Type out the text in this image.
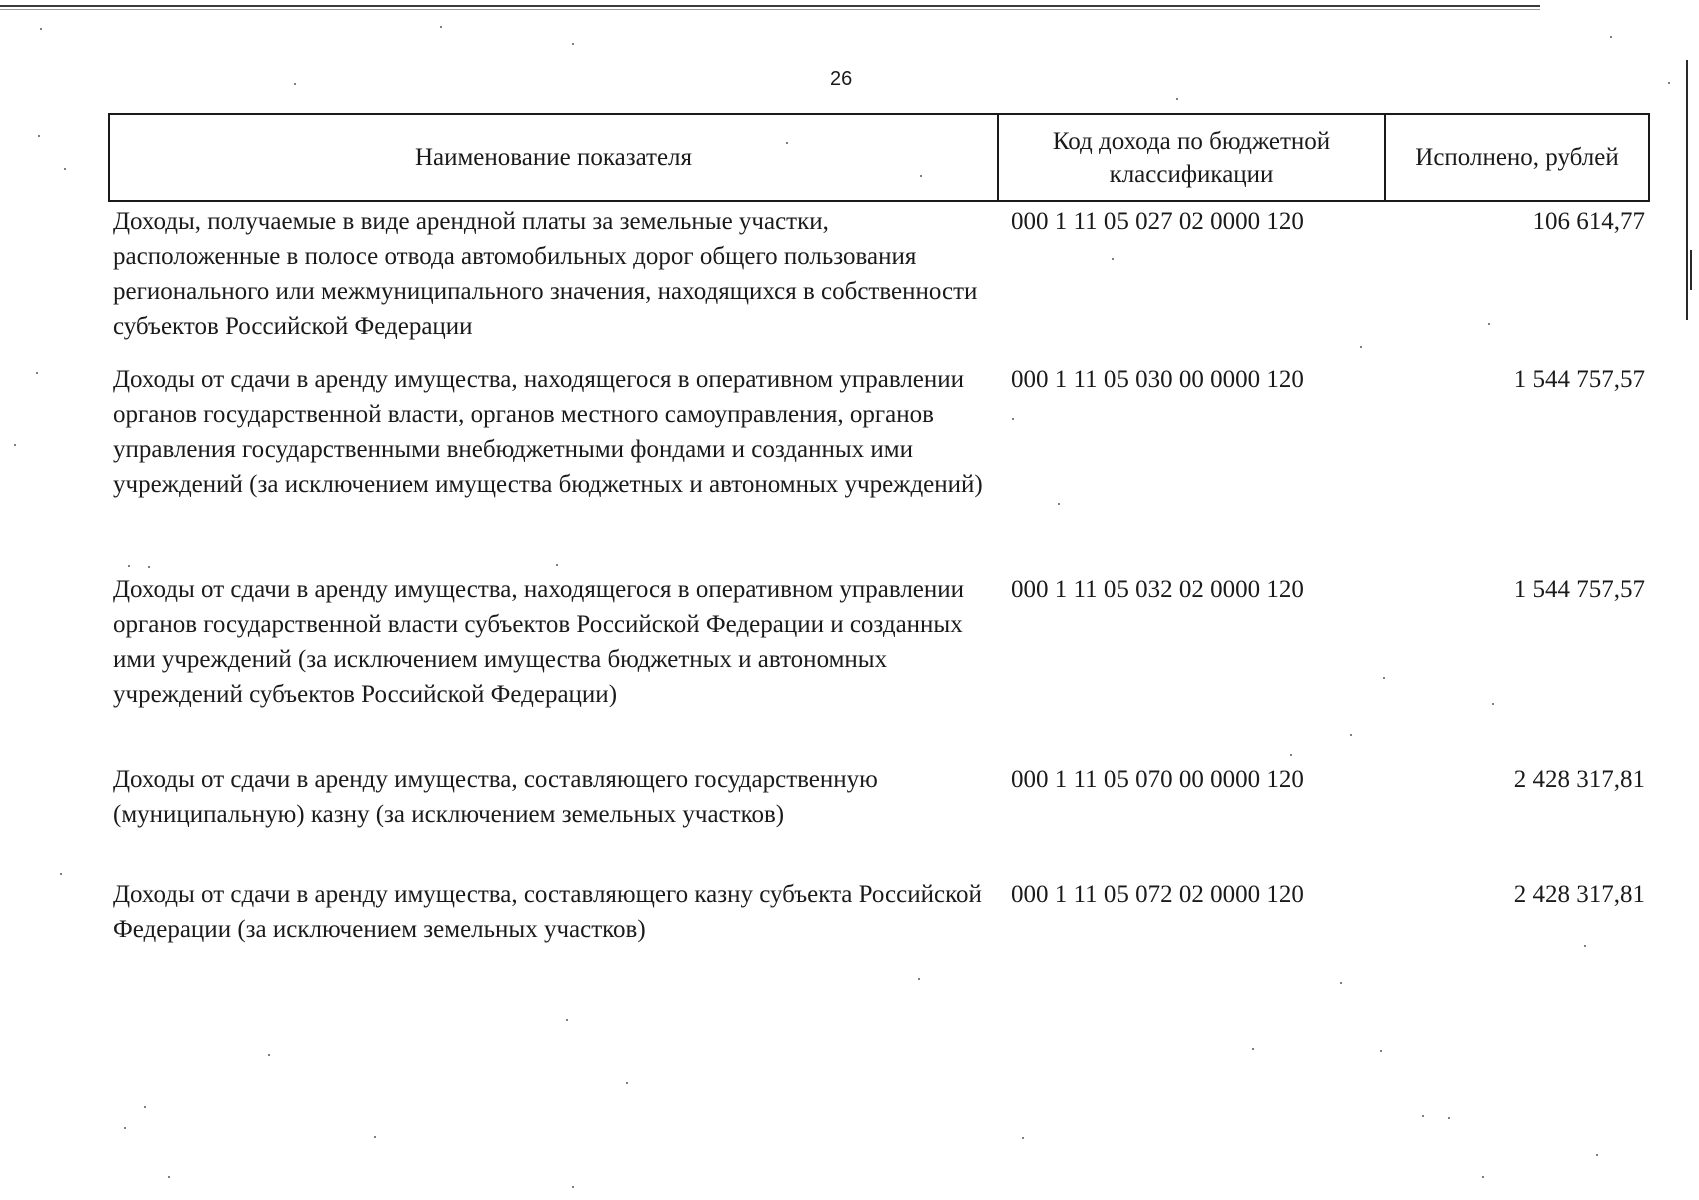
26
Наименование показателя	Код дохода по бюджетной классификации	Исполнено, рублей
Доходы, получаемые в виде арендной платы за земельные участки, расположенные в полосе отвода автомобильных дорог общего пользования регионального или межмуниципального значения, находящихся в собственности субъектов Российской Федерации	000 1 11 05 027 02 0000 120	106 614,77
Доходы от сдачи в аренду имущества, находящегося в оперативном управлении органов государственной власти, органов местного самоуправления, органов управления государственными внебюджетными фондами и созданных ими учреждений (за исключением имущества бюджетных и автономных учреждений)	000 1 11 05 030 00 0000 120	1 544 757,57
Доходы от сдачи в аренду имущества, находящегося в оперативном управлении органов государственной власти субъектов Российской Федерации и созданных ими учреждений (за исключением имущества бюджетных и автономных учреждений субъектов Российской Федерации)	000 1 11 05 032 02 0000 120	1 544 757,57
Доходы от сдачи в аренду имущества, составляющего государственную (муниципальную) казну (за исключением земельных участков)	000 1 11 05 070 00 0000 120	2 428 317,81
Доходы от сдачи в аренду имущества, составляющего казну субъекта Российской Федерации (за исключением земельных участков)	000 1 11 05 072 02 0000 120	2 428 317,81
